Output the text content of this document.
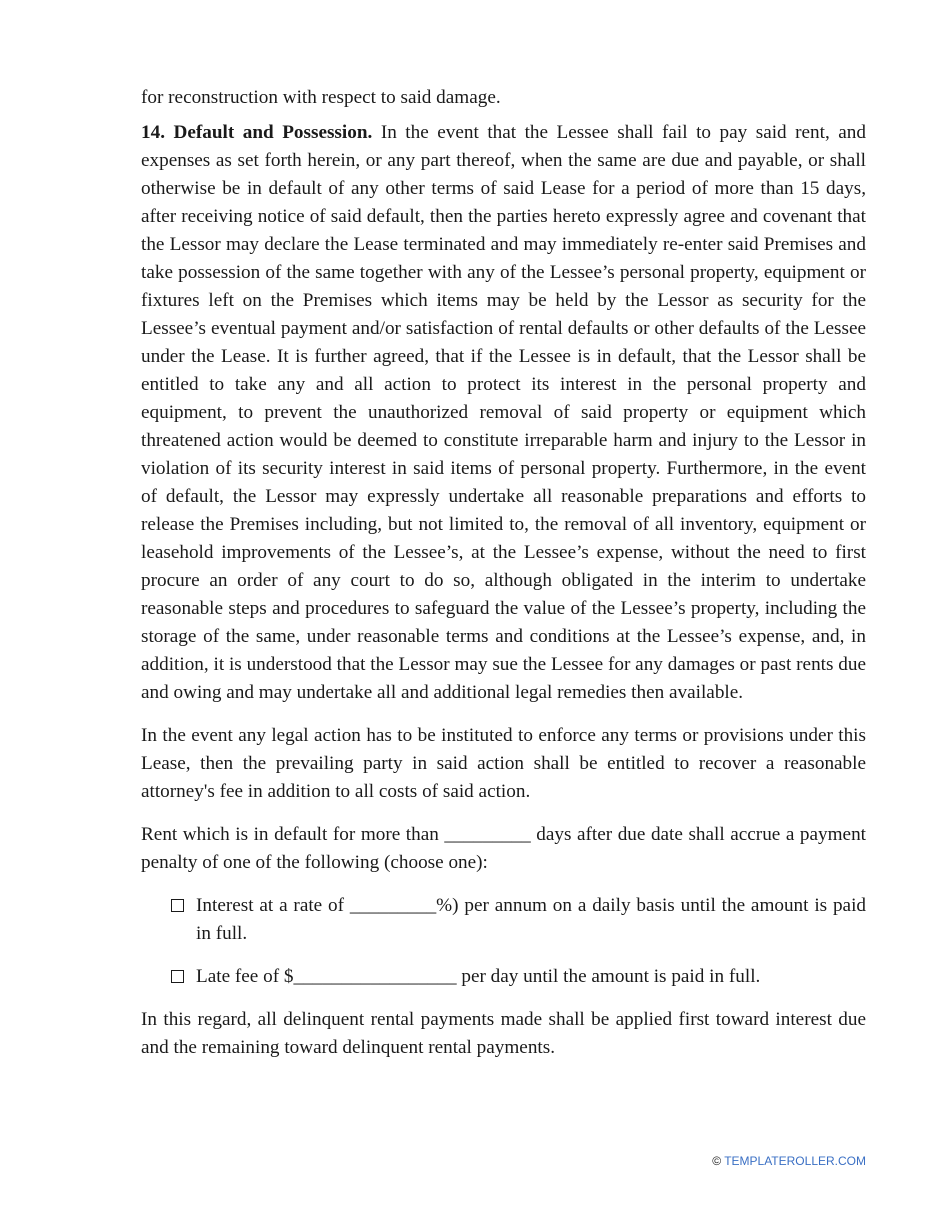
for reconstruction with respect to said damage.

14. Default and Possession. In the event that the Lessee shall fail to pay said rent, and expenses as set forth herein, or any part thereof, when the same are due and payable, or shall otherwise be in default of any other terms of said Lease for a period of more than 15 days, after receiving notice of said default, then the parties hereto expressly agree and covenant that the Lessor may declare the Lease terminated and may immediately re-enter said Premises and take possession of the same together with any of the Lessee’s personal property, equipment or fixtures left on the Premises which items may be held by the Lessor as security for the Lessee’s eventual payment and/or satisfaction of rental defaults or other defaults of the Lessee under the Lease. It is further agreed, that if the Lessee is in default, that the Lessor shall be entitled to take any and all action to protect its interest in the personal property and equipment, to prevent the unauthorized removal of said property or equipment which threatened action would be deemed to constitute irreparable harm and injury to the Lessor in violation of its security interest in said items of personal property. Furthermore, in the event of default, the Lessor may expressly undertake all reasonable preparations and efforts to release the Premises including, but not limited to, the removal of all inventory, equipment or leasehold improvements of the Lessee’s, at the Lessee’s expense, without the need to first procure an order of any court to do so, although obligated in the interim to undertake reasonable steps and procedures to safeguard the value of the Lessee’s property, including the storage of the same, under reasonable terms and conditions at the Lessee’s expense, and, in addition, it is understood that the Lessor may sue the Lessee for any damages or past rents due and owing and may undertake all and additional legal remedies then available.

In the event any legal action has to be instituted to enforce any terms or provisions under this Lease, then the prevailing party in said action shall be entitled to recover a reasonable attorney's fee in addition to all costs of said action.

Rent which is in default for more than _________ days after due date shall accrue a payment penalty of one of the following (choose one):

Interest at a rate of _________%) per annum on a daily basis until the amount is paid in full.
Late fee of $_________________ per day until the amount is paid in full.

In this regard, all delinquent rental payments made shall be applied first toward interest due and the remaining toward delinquent rental payments.

© TEMPLATEROLLER.COM
